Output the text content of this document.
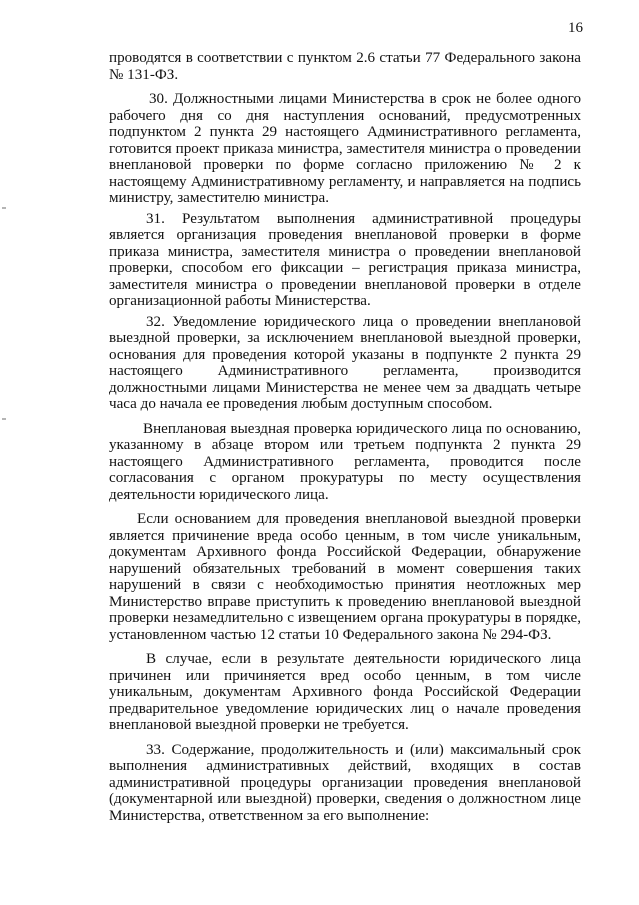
16

проводятся в соответствии с пунктом 2.6 статьи 77 Федерального закона № 131-ФЗ.

30. Должностными лицами Министерства в срок не более одного рабочего дня со дня наступления оснований, предусмотренных подпунктом 2 пункта 29 настоящего Административного регламента, готовится проект приказа министра, заместителя министра о проведении внеплановой проверки по форме согласно приложению № 2 к настоящему Административному регламенту, и направляется на подпись министру, заместителю министра.

31. Результатом выполнения административной процедуры является организация проведения внеплановой проверки в форме приказа министра, заместителя министра о проведении внеплановой проверки, способом его фиксации – регистрация приказа министра, заместителя министра о проведении внеплановой проверки в отделе организационной работы Министерства.

32. Уведомление юридического лица о проведении внеплановой выездной проверки, за исключением внеплановой выездной проверки, основания для проведения которой указаны в подпункте 2 пункта 29 настоящего Административного регламента, производится должностными лицами Министерства не менее чем за двадцать четыре часа до начала ее проведения любым доступным способом.

Внеплановая выездная проверка юридического лица по основанию, указанному в абзаце втором или третьем подпункта 2 пункта 29 настоящего Административного регламента, проводится после согласования с органом прокуратуры по месту осуществления деятельности юридического лица.

Если основанием для проведения внеплановой выездной проверки является причинение вреда особо ценным, в том числе уникальным, документам Архивного фонда Российской Федерации, обнаружение нарушений обязательных требований в момент совершения таких нарушений в связи с необходимостью принятия неотложных мер Министерство вправе приступить к проведению внеплановой выездной проверки незамедлительно с извещением органа прокуратуры в порядке, установленном частью 12 статьи 10 Федерального закона № 294-ФЗ.

В случае, если в результате деятельности юридического лица причинен или причиняется вред особо ценным, в том числе уникальным, документам Архивного фонда Российской Федерации предварительное уведомление юридических лиц о начале проведения внеплановой выездной проверки не требуется.

33. Содержание, продолжительность и (или) максимальный срок выполнения административных действий, входящих в состав административной процедуры организации проведения внеплановой (документарной или выездной) проверки, сведения о должностном лице Министерства, ответственном за его выполнение:
